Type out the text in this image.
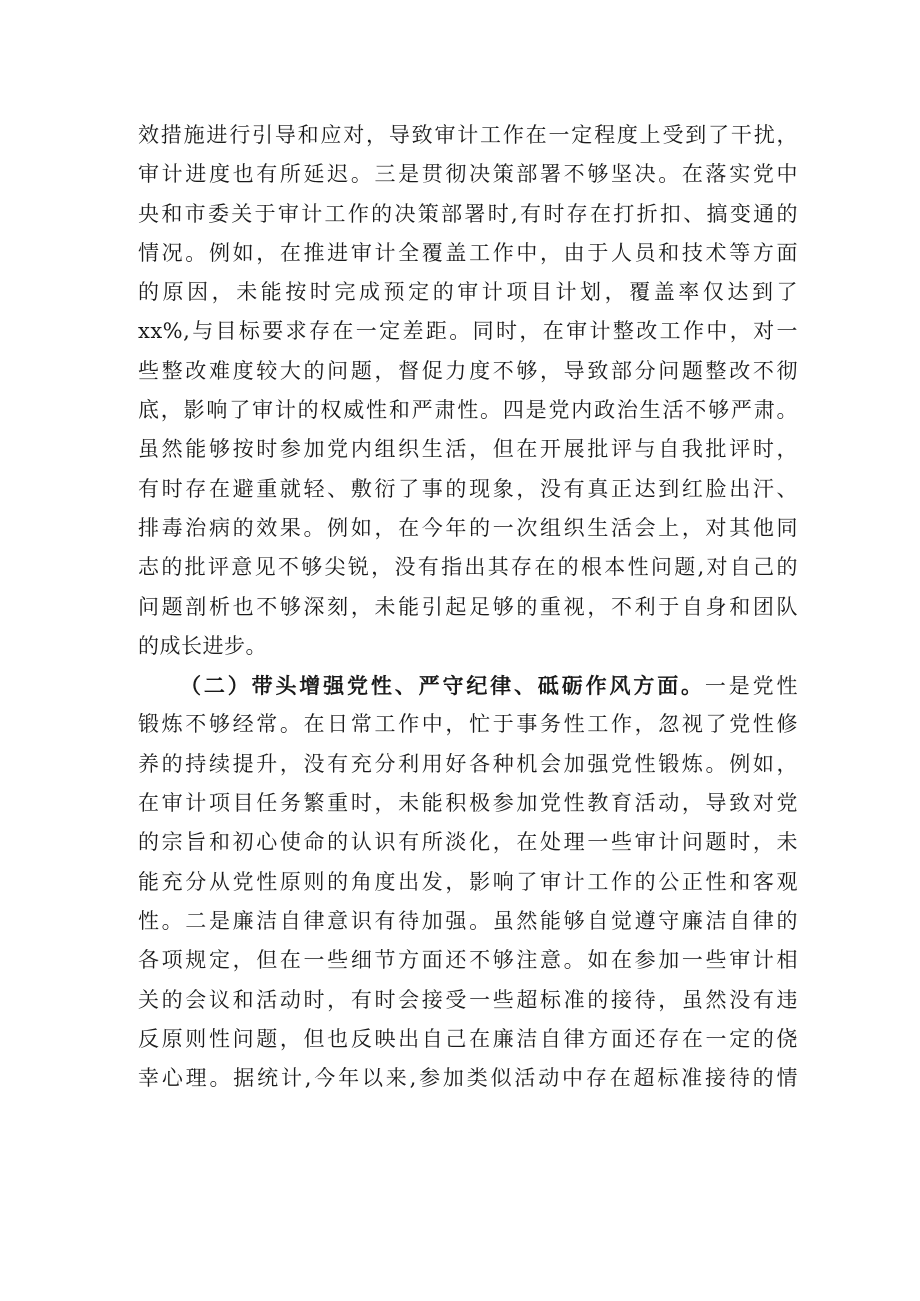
效措施进行引导和应对，导致审计工作在一定程度上受到了干扰，
审计进度也有所延迟。三是贯彻决策部署不够坚决。在落实党中
央和市委关于审计工作的决策部署时,有时存在打折扣、搞变通的
情况。例如，在推进审计全覆盖工作中，由于人员和技术等方面
的原因，未能按时完成预定的审计项目计划，覆盖率仅达到了
xx%,与目标要求存在一定差距。同时，在审计整改工作中，对一
些整改难度较大的问题，督促力度不够，导致部分问题整改不彻
底，影响了审计的权威性和严肃性。四是党内政治生活不够严肃。
虽然能够按时参加党内组织生活，但在开展批评与自我批评时，
有时存在避重就轻、敷衍了事的现象，没有真正达到红脸出汗、
排毒治病的效果。例如，在今年的一次组织生活会上，对其他同
志的批评意见不够尖锐，没有指出其存在的根本性问题,对自己的
问题剖析也不够深刻，未能引起足够的重视，不利于自身和团队
的成长进步。
（二）带头增强党性、严守纪律、砥砺作风方面。一是党性
锻炼不够经常。在日常工作中，忙于事务性工作，忽视了党性修
养的持续提升，没有充分利用好各种机会加强党性锻炼。例如，
在审计项目任务繁重时，未能积极参加党性教育活动，导致对党
的宗旨和初心使命的认识有所淡化，在处理一些审计问题时，未
能充分从党性原则的角度出发，影响了审计工作的公正性和客观
性。二是廉洁自律意识有待加强。虽然能够自觉遵守廉洁自律的
各项规定，但在一些细节方面还不够注意。如在参加一些审计相
关的会议和活动时，有时会接受一些超标准的接待，虽然没有违
反原则性问题，但也反映出自己在廉洁自律方面还存在一定的侥
幸心理。据统计,今年以来,参加类似活动中存在超标准接待的情
